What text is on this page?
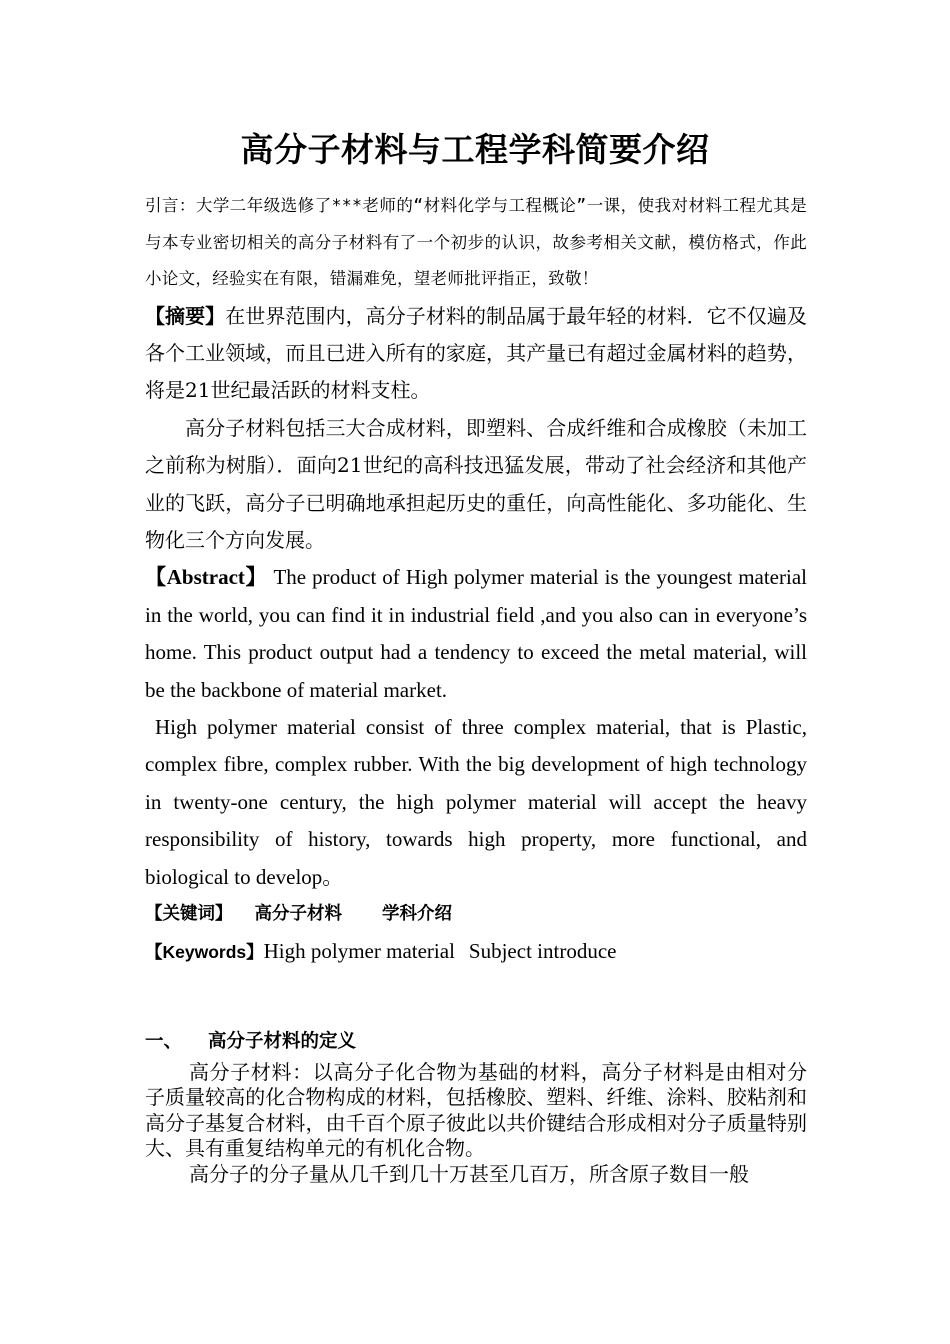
高分子材料与工程学科简要介绍

引言：大学二年级选修了***老师的“材料化学与工程概论”一课，使我对材料工程尤其是与本专业密切相关的高分子材料有了一个初步的认识，故参考相关文献，模仿格式，作此小论文，经验实在有限，错漏难免，望老师批评指正，致敬！

【摘要】在世界范围内，高分子材料的制品属于最年轻的材料．它不仅遍及各个工业领域，而且已进入所有的家庭，其产量已有超过金属材料的趋势，将是21世纪最活跃的材料支柱。

高分子材料包括三大合成材料，即塑料、合成纤维和合成橡胶（未加工之前称为树脂）．面向21世纪的高科技迅猛发展，带动了社会经济和其他产业的飞跃，高分子已明确地承担起历史的重任，向高性能化、多功能化、生物化三个方向发展。

【Abstract】 The product of High polymer material is the youngest material in the world, you can find it in industrial field ,and you also can in everyone’s home. This product output had a tendency to exceed the metal material, will be the backbone of material market.

High polymer material consist of three complex material, that is Plastic, complex fibre, complex rubber. With the big development of high technology in twenty-one century, the high polymer material will accept the heavy responsibility of history, towards high property, more functional, and biological to develop。

【关键词】 高分子材料 学科介绍

【Keywords】High polymer material Subject introduce

一、 高分子材料的定义

高分子材料：以高分子化合物为基础的材料，高分子材料是由相对分子质量较高的化合物构成的材料，包括橡胶、塑料、纤维、涂料、胶粘剂和高分子基复合材料，由千百个原子彼此以共价键结合形成相对分子质量特别大、具有重复结构单元的有机化合物。

高分子的分子量从几千到几十万甚至几百万，所含原子数目一般
